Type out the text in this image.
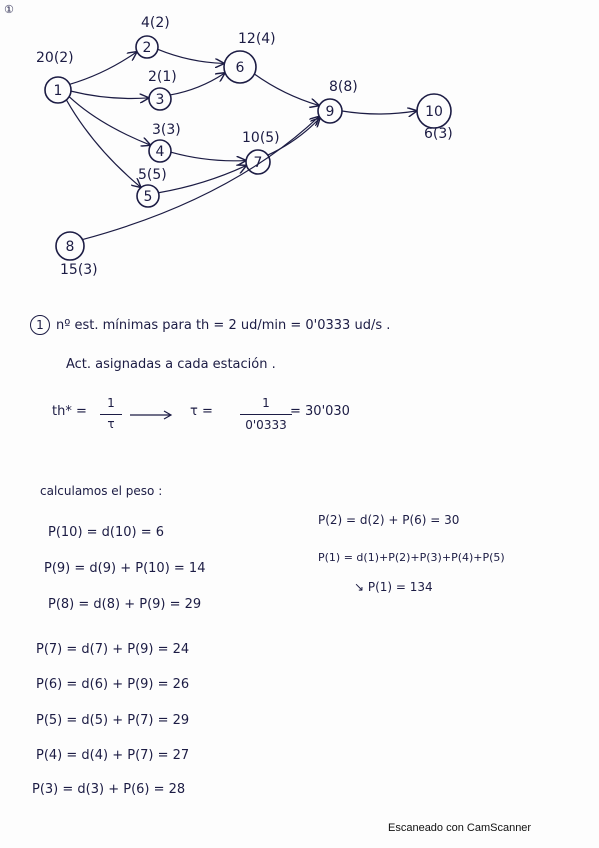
①
1
20(2)
2
4(2)
3
2(1)
4
3(3)
5
5(5)
6
12(4)
7
10(5)
8
15(3)
9
8(8)
10
6(3)
1 nº est. mínimas para th = 2 ud/min = 0'0333 ud/s .
Act. asignadas a cada estación .
th* =
1
τ
τ =
1
0'0333
= 30'030
calculamos el peso :
P(10) = d(10) = 6
P(9) = d(9) + P(10) = 14
P(8) = d(8) + P(9) = 29
P(7) = d(7) + P(9) = 24
P(6) = d(6) + P(9) = 26
P(5) = d(5) + P(7) = 29
P(4) = d(4) + P(7) = 27
P(3) = d(3) + P(6) = 28
P(2) = d(2) + P(6) = 30
P(1) = d(1)+P(2)+P(3)+P(4)+P(5)
↘ P(1) = 134
Escaneado con CamScanner
